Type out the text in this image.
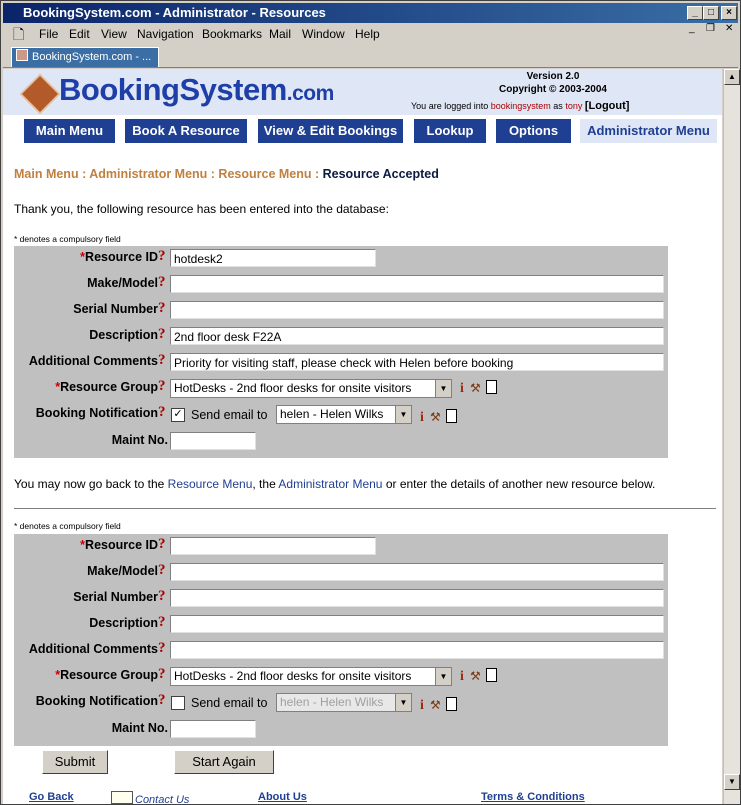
BookingSystem.com - Administrator - Resources	_	□	×
🗋 File Edit View Navigation Bookmarks Mail Window Help	_ ❐ ✕
BookingSystem.com - ...
BookingSystem.com
Version 2.0
Copyright © 2003-2004
You are logged into bookingsystem as tony [Logout]
Main Menu	Book A Resource	View & Edit Bookings	Lookup	Options	Administrator Menu
Main Menu : Administrator Menu : Resource Menu : Resource Accepted
Thank you, the following resource has been entered into the database:
* denotes a compulsory field
*Resource ID? hotdesk2
Make/Model?
Serial Number?
Description? 2nd floor desk F22A
Additional Comments? Priority for visiting staff, please check with Helen before booking
*Resource Group? HotDesks - 2nd floor desks for onsite visitors	▼ i ⚒
Booking Notification? ✓ Send email to	helen - Helen Wilks	▼ i ⚒
Maint No.
You may now go back to the Resource Menu, the Administrator Menu or enter the details of another new resource below.
* denotes a compulsory field
*Resource ID?
Make/Model?
Serial Number?
Description?
Additional Comments?
*Resource Group? HotDesks - 2nd floor desks for onsite visitors	▼ i ⚒
Booking Notification? Send email to	helen - Helen Wilks	▼ i ⚒
Maint No.
Submit	Start Again
Go Back	Contact Us	About Us	Terms & Conditions
▲
▼
